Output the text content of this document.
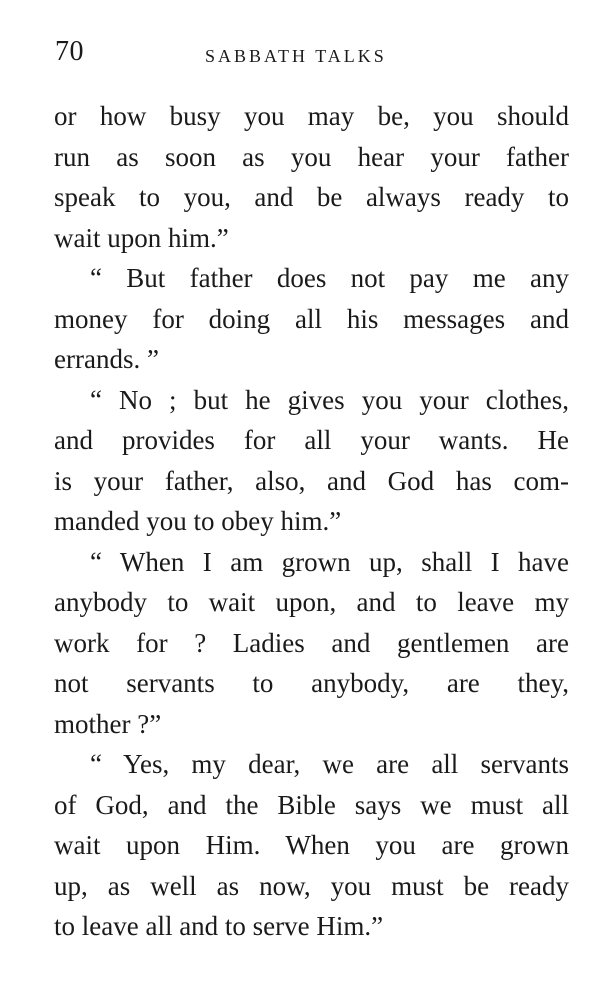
70	SABBATH TALKS
or how busy you may be, you should
run as soon as you hear your father
speak to you, and be always ready to
wait upon him.”
“ But father does not pay me any
money for doing all his messages and
errands. ”
“ No ; but he gives you your clothes,
and provides for all your wants. He
is your father, also, and God has com-
manded you to obey him.”
“ When I am grown up, shall I have
anybody to wait upon, and to leave my
work for ? Ladies and gentlemen are
not servants to anybody, are they,
mother ?”
“ Yes, my dear, we are all servants
of God, and the Bible says we must all
wait upon Him. When you are grown
up, as well as now, you must be ready
to leave all and to serve Him.”
